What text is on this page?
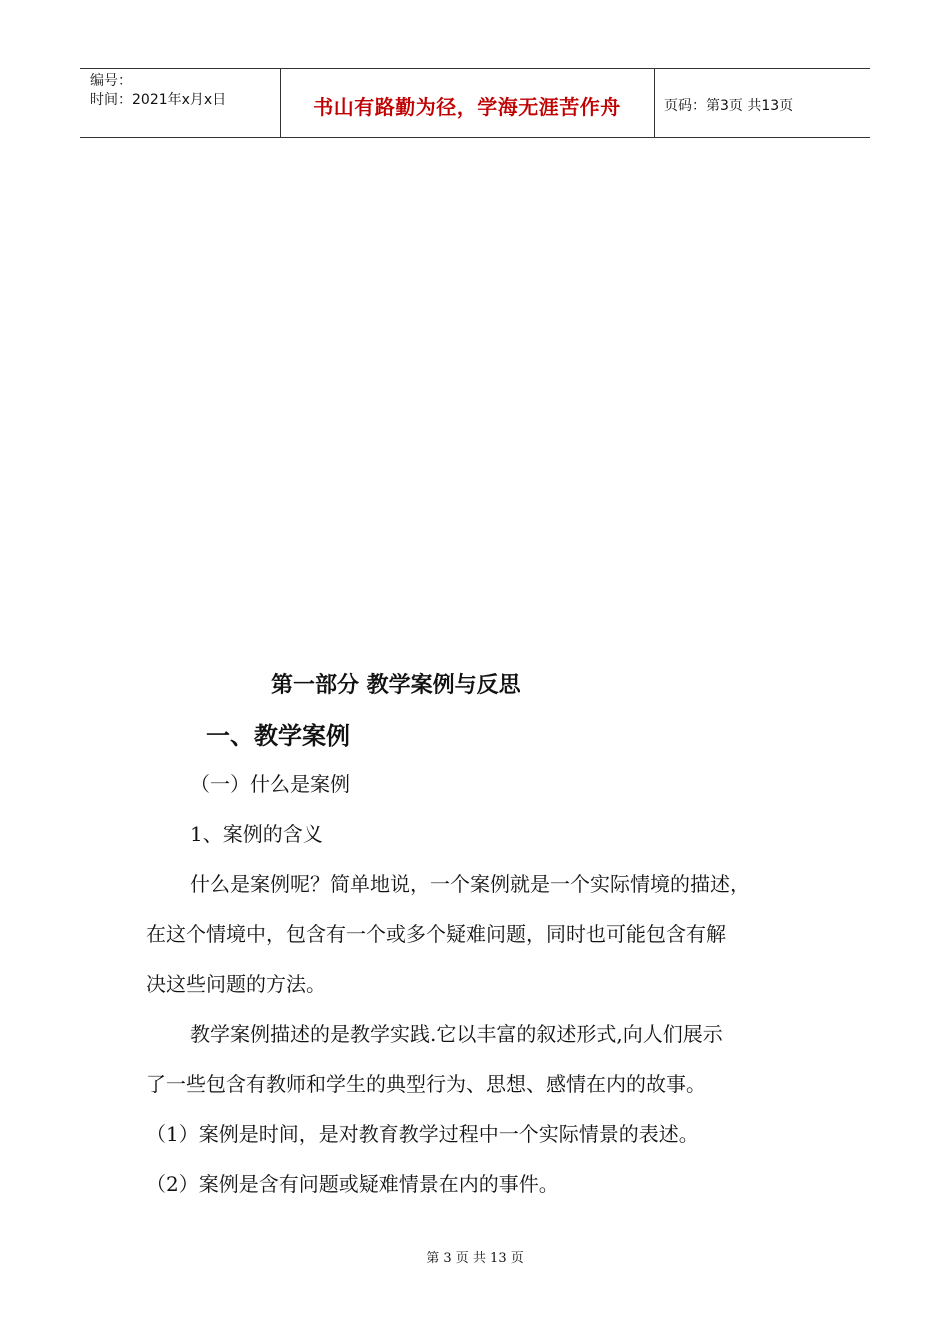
编号：
时间：2021年x月x日	书山有路勤为径，学海无涯苦作舟	页码：第3页 共13页
第一部分 教学案例与反思
一、教学案例
（一）什么是案例
1、案例的含义
什么是案例呢？简单地说，一个案例就是一个实际情境的描述，
在这个情境中，包含有一个或多个疑难问题，同时也可能包含有解
决这些问题的方法。
教学案例描述的是教学实践.它以丰富的叙述形式,向人们展示
了一些包含有教师和学生的典型行为、思想、感情在内的故事。
（1）案例是时间，是对教育教学过程中一个实际情景的表述。
（2）案例是含有问题或疑难情景在内的事件。
第 3 页 共 13 页
